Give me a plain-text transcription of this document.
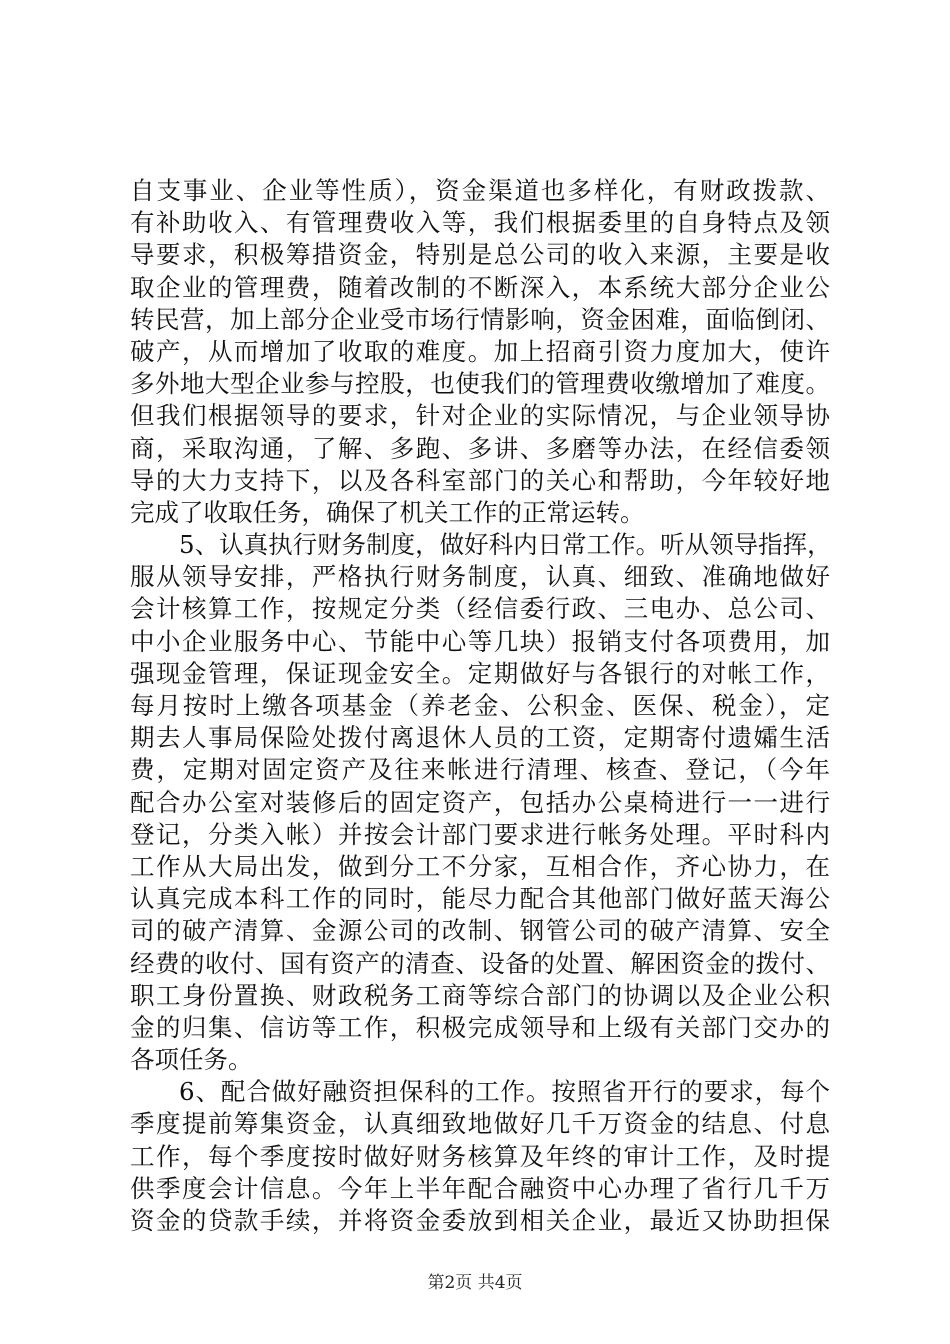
自支事业、企业等性质），资金渠道也多样化，有财政拨款、
有补助收入、有管理费收入等，我们根据委里的自身特点及领
导要求，积极筹措资金，特别是总公司的收入来源，主要是收
取企业的管理费，随着改制的不断深入，本系统大部分企业公
转民营，加上部分企业受市场行情影响，资金困难，面临倒闭、
破产，从而增加了收取的难度。加上招商引资力度加大，使许
多外地大型企业参与控股，也使我们的管理费收缴增加了难度。
但我们根据领导的要求，针对企业的实际情况，与企业领导协
商，采取沟通，了解、多跑、多讲、多磨等办法，在经信委领
导的大力支持下，以及各科室部门的关心和帮助，今年较好地
完成了收取任务，确保了机关工作的正常运转。
5、认真执行财务制度，做好科内日常工作。听从领导指挥，
服从领导安排，严格执行财务制度，认真、细致、准确地做好
会计核算工作，按规定分类（经信委行政、三电办、总公司、
中小企业服务中心、节能中心等几块）报销支付各项费用，加
强现金管理，保证现金安全。定期做好与各银行的对帐工作，
每月按时上缴各项基金（养老金、公积金、医保、税金），定
期去人事局保险处拨付离退休人员的工资，定期寄付遗孀生活
费，定期对固定资产及往来帐进行清理、核查、登记，（今年
配合办公室对装修后的固定资产，包括办公桌椅进行一一进行
登记，分类入帐）并按会计部门要求进行帐务处理。平时科内
工作从大局出发，做到分工不分家，互相合作，齐心协力，在
认真完成本科工作的同时，能尽力配合其他部门做好蓝天海公
司的破产清算、金源公司的改制、钢管公司的破产清算、安全
经费的收付、国有资产的清查、设备的处置、解困资金的拨付、
职工身份置换、财政税务工商等综合部门的协调以及企业公积
金的归集、信访等工作，积极完成领导和上级有关部门交办的
各项任务。
6、配合做好融资担保科的工作。按照省开行的要求，每个
季度提前筹集资金，认真细致地做好几千万资金的结息、付息
工作，每个季度按时做好财务核算及年终的审计工作，及时提
供季度会计信息。今年上半年配合融资中心办理了省行几千万
资金的贷款手续，并将资金委放到相关企业，最近又协助担保
第2页 共4页
